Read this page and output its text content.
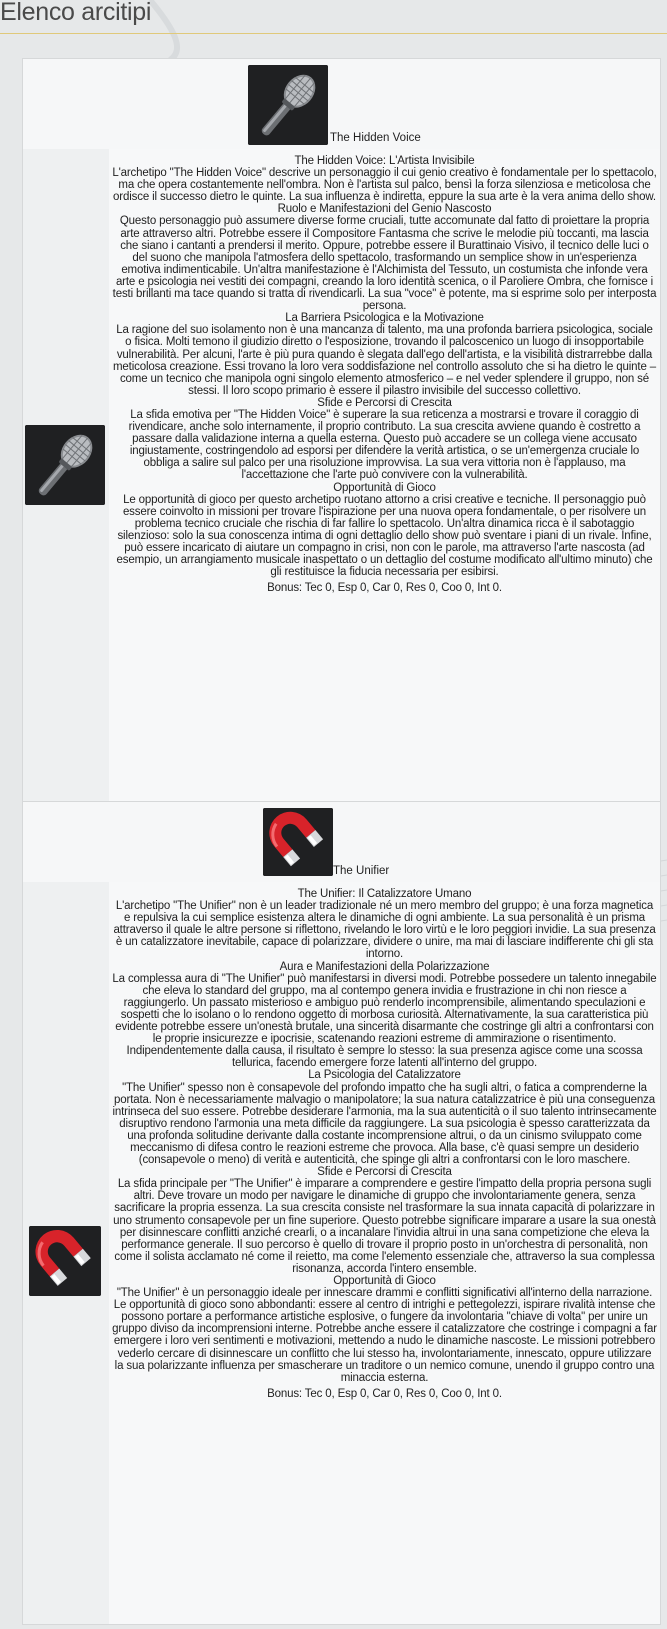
Elenco arcitipi
The Hidden Voice

The Hidden Voice: L'Artista Invisibile

L'archetipo "The Hidden Voice" descrive un personaggio il cui genio creativo è fondamentale per lo spettacolo, ma che opera costantemente nell'ombra. Non è l'artista sul palco, bensì la forza silenziosa e meticolosa che ordisce il successo dietro le quinte. La sua influenza è indiretta, eppure la sua arte è la vera anima dello show.

Ruolo e Manifestazioni del Genio Nascosto

Questo personaggio può assumere diverse forme cruciali, tutte accomunate dal fatto di proiettare la propria arte attraverso altri. Potrebbe essere il Compositore Fantasma che scrive le melodie più toccanti, ma lascia che siano i cantanti a prendersi il merito. Oppure, potrebbe essere il Burattinaio Visivo, il tecnico delle luci o del suono che manipola l'atmosfera dello spettacolo, trasformando un semplice show in un'esperienza emotiva indimenticabile. Un'altra manifestazione è l'Alchimista del Tessuto, un costumista che infonde vera arte e psicologia nei vestiti dei compagni, creando la loro identità scenica, o il Paroliere Ombra, che fornisce i testi brillanti ma tace quando si tratta di rivendicarli. La sua "voce" è potente, ma si esprime solo per interposta persona.

La Barriera Psicologica e la Motivazione

La ragione del suo isolamento non è una mancanza di talento, ma una profonda barriera psicologica, sociale o fisica. Molti temono il giudizio diretto o l'esposizione, trovando il palcoscenico un luogo di insopportabile vulnerabilità. Per alcuni, l'arte è più pura quando è slegata dall'ego dell'artista, e la visibilità distrarrebbe dalla meticolosa creazione. Essi trovano la loro vera soddisfazione nel controllo assoluto che si ha dietro le quinte – come un tecnico che manipola ogni singolo elemento atmosferico – e nel veder splendere il gruppo, non sé stessi. Il loro scopo primario è essere il pilastro invisibile del successo collettivo.

Sfide e Percorsi di Crescita

La sfida emotiva per "The Hidden Voice" è superare la sua reticenza a mostrarsi e trovare il coraggio di rivendicare, anche solo internamente, il proprio contributo. La sua crescita avviene quando è costretto a passare dalla validazione interna a quella esterna. Questo può accadere se un collega viene accusato ingiustamente, costringendolo ad esporsi per difendere la verità artistica, o se un'emergenza cruciale lo obbliga a salire sul palco per una risoluzione improvvisa. La sua vera vittoria non è l'applauso, ma l'accettazione che l'arte può convivere con la vulnerabilità.

Opportunità di Gioco

Le opportunità di gioco per questo archetipo ruotano attorno a crisi creative e tecniche. Il personaggio può essere coinvolto in missioni per trovare l'ispirazione per una nuova opera fondamentale, o per risolvere un problema tecnico cruciale che rischia di far fallire lo spettacolo. Un'altra dinamica ricca è il sabotaggio silenzioso: solo la sua conoscenza intima di ogni dettaglio dello show può sventare i piani di un rivale. Infine, può essere incaricato di aiutare un compagno in crisi, non con le parole, ma attraverso l'arte nascosta (ad esempio, un arrangiamento musicale inaspettato o un dettaglio del costume modificato all'ultimo minuto) che gli restituisce la fiducia necessaria per esibirsi.

Bonus: Tec 0, Esp 0, Car 0, Res 0, Coo 0, Int 0.

The Unifier

The Unifier: Il Catalizzatore Umano

L'archetipo "The Unifier" non è un leader tradizionale né un mero membro del gruppo; è una forza magnetica e repulsiva la cui semplice esistenza altera le dinamiche di ogni ambiente. La sua personalità è un prisma attraverso il quale le altre persone si riflettono, rivelando le loro virtù e le loro peggiori invidie. La sua presenza è un catalizzatore inevitabile, capace di polarizzare, dividere o unire, ma mai di lasciare indifferente chi gli sta intorno.

Aura e Manifestazioni della Polarizzazione

La complessa aura di "The Unifier" può manifestarsi in diversi modi. Potrebbe possedere un talento innegabile che eleva lo standard del gruppo, ma al contempo genera invidia e frustrazione in chi non riesce a raggiungerlo. Un passato misterioso e ambiguo può renderlo incomprensibile, alimentando speculazioni e sospetti che lo isolano o lo rendono oggetto di morbosa curiosità. Alternativamente, la sua caratteristica più evidente potrebbe essere un'onestà brutale, una sincerità disarmante che costringe gli altri a confrontarsi con le proprie insicurezze e ipocrisie, scatenando reazioni estreme di ammirazione o risentimento. Indipendentemente dalla causa, il risultato è sempre lo stesso: la sua presenza agisce come una scossa tellurica, facendo emergere forze latenti all'interno del gruppo.

La Psicologia del Catalizzatore

"The Unifier" spesso non è consapevole del profondo impatto che ha sugli altri, o fatica a comprenderne la portata. Non è necessariamente malvagio o manipolatore; la sua natura catalizzatrice è più una conseguenza intrinseca del suo essere. Potrebbe desiderare l'armonia, ma la sua autenticità o il suo talento intrinsecamente disruptivo rendono l'armonia una meta difficile da raggiungere. La sua psicologia è spesso caratterizzata da una profonda solitudine derivante dalla costante incomprensione altrui, o da un cinismo sviluppato come meccanismo di difesa contro le reazioni estreme che provoca. Alla base, c'è quasi sempre un desiderio (consapevole o meno) di verità e autenticità, che spinge gli altri a confrontarsi con le loro maschere.

Sfide e Percorsi di Crescita

La sfida principale per "The Unifier" è imparare a comprendere e gestire l'impatto della propria persona sugli altri. Deve trovare un modo per navigare le dinamiche di gruppo che involontariamente genera, senza sacrificare la propria essenza. La sua crescita consiste nel trasformare la sua innata capacità di polarizzare in uno strumento consapevole per un fine superiore. Questo potrebbe significare imparare a usare la sua onestà per disinnescare conflitti anziché crearli, o a incanalare l'invidia altrui in una sana competizione che eleva la performance generale. Il suo percorso è quello di trovare il proprio posto in un'orchestra di personalità, non come il solista acclamato né come il reietto, ma come l'elemento essenziale che, attraverso la sua complessa risonanza, accorda l'intero ensemble.

Opportunità di Gioco

"The Unifier" è un personaggio ideale per innescare drammi e conflitti significativi all'interno della narrazione. Le opportunità di gioco sono abbondanti: essere al centro di intrighi e pettegolezzi, ispirare rivalità intense che possono portare a performance artistiche esplosive, o fungere da involontaria "chiave di volta" per unire un gruppo diviso da incomprensioni interne. Potrebbe anche essere il catalizzatore che costringe i compagni a far emergere i loro veri sentimenti e motivazioni, mettendo a nudo le dinamiche nascoste. Le missioni potrebbero vederlo cercare di disinnescare un conflitto che lui stesso ha, involontariamente, innescato, oppure utilizzare la sua polarizzante influenza per smascherare un traditore o un nemico comune, unendo il gruppo contro una minaccia esterna.

Bonus: Tec 0, Esp 0, Car 0, Res 0, Coo 0, Int 0.
